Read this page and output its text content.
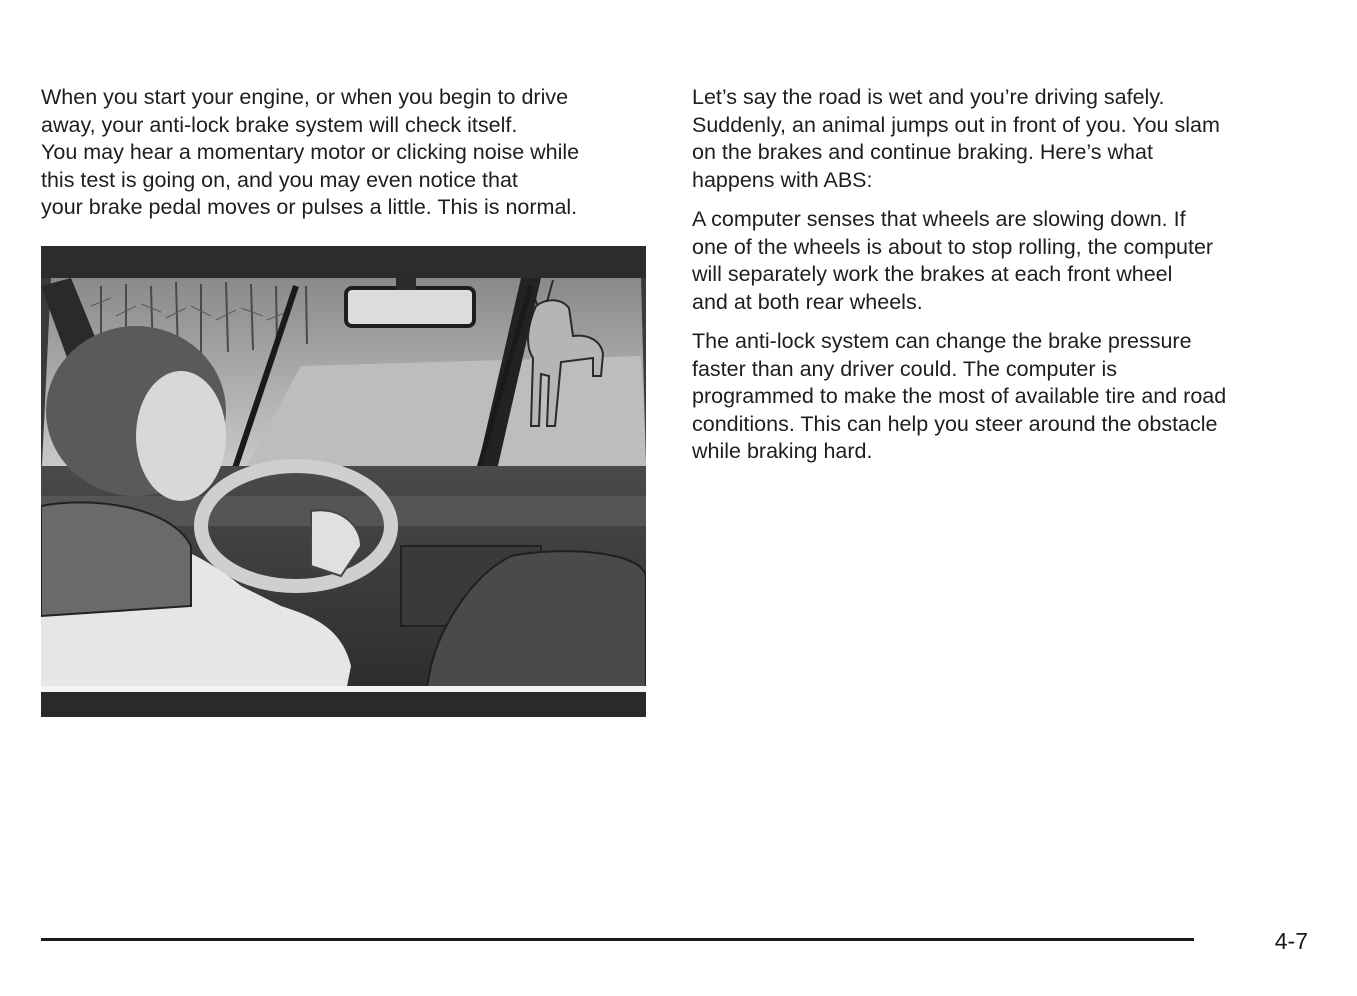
When you start your engine, or when you begin to drive
away, your anti-lock brake system will check itself.
You may hear a momentary motor or clicking noise while
this test is going on, and you may even notice that
your brake pedal moves or pulses a little. This is normal.

Let’s say the road is wet and you’re driving safely.
Suddenly, an animal jumps out in front of you. You slam
on the brakes and continue braking. Here’s what
happens with ABS:

A computer senses that wheels are slowing down. If
one of the wheels is about to stop rolling, the computer
will separately work the brakes at each front wheel
and at both rear wheels.

The anti-lock system can change the brake pressure
faster than any driver could. The computer is
programmed to make the most of available tire and road
conditions. This can help you steer around the obstacle
while braking hard.

4-7
